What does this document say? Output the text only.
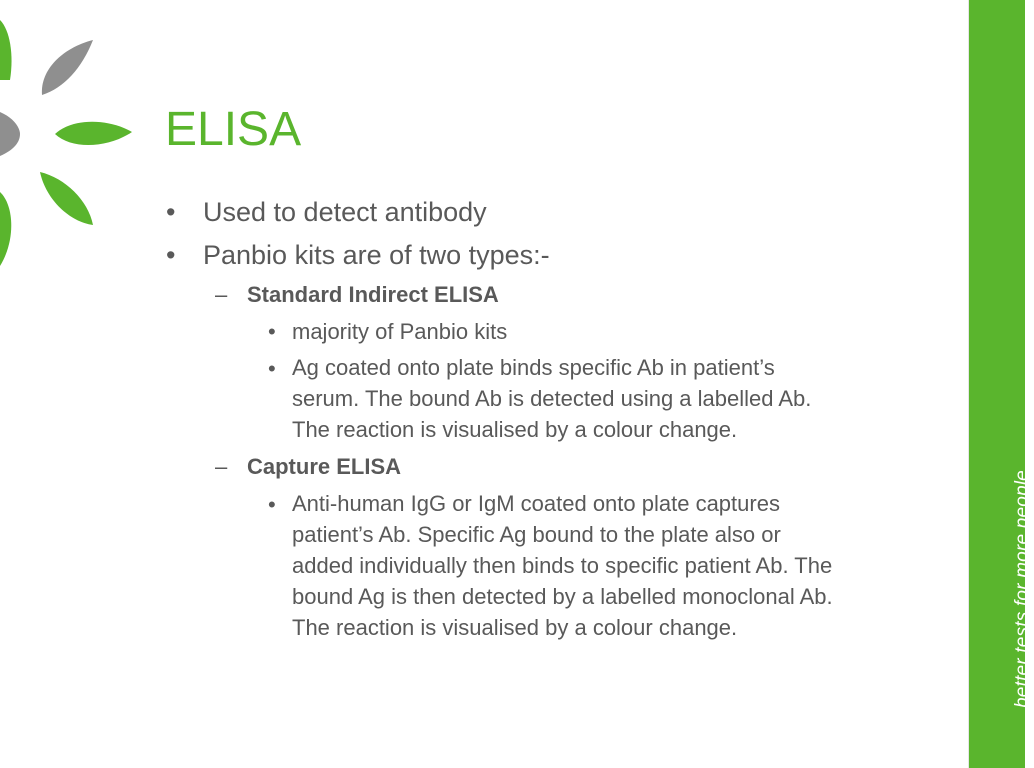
ELISA
• Used to detect antibody
• Panbio kits are of two types:-
– Standard Indirect ELISA
• majority of Panbio kits
• Ag coated onto plate binds specific Ab in patient’s
serum. The bound Ab is detected using a labelled Ab.
The reaction is visualised by a colour change.
– Capture ELISA
• Anti-human IgG or IgM coated onto plate captures
patient’s Ab. Specific Ag bound to the plate also or
added individually then binds to specific patient Ab. The
bound Ag is then detected by a labelled monoclonal Ab.
The reaction is visualised by a colour change.	better tests for more people
